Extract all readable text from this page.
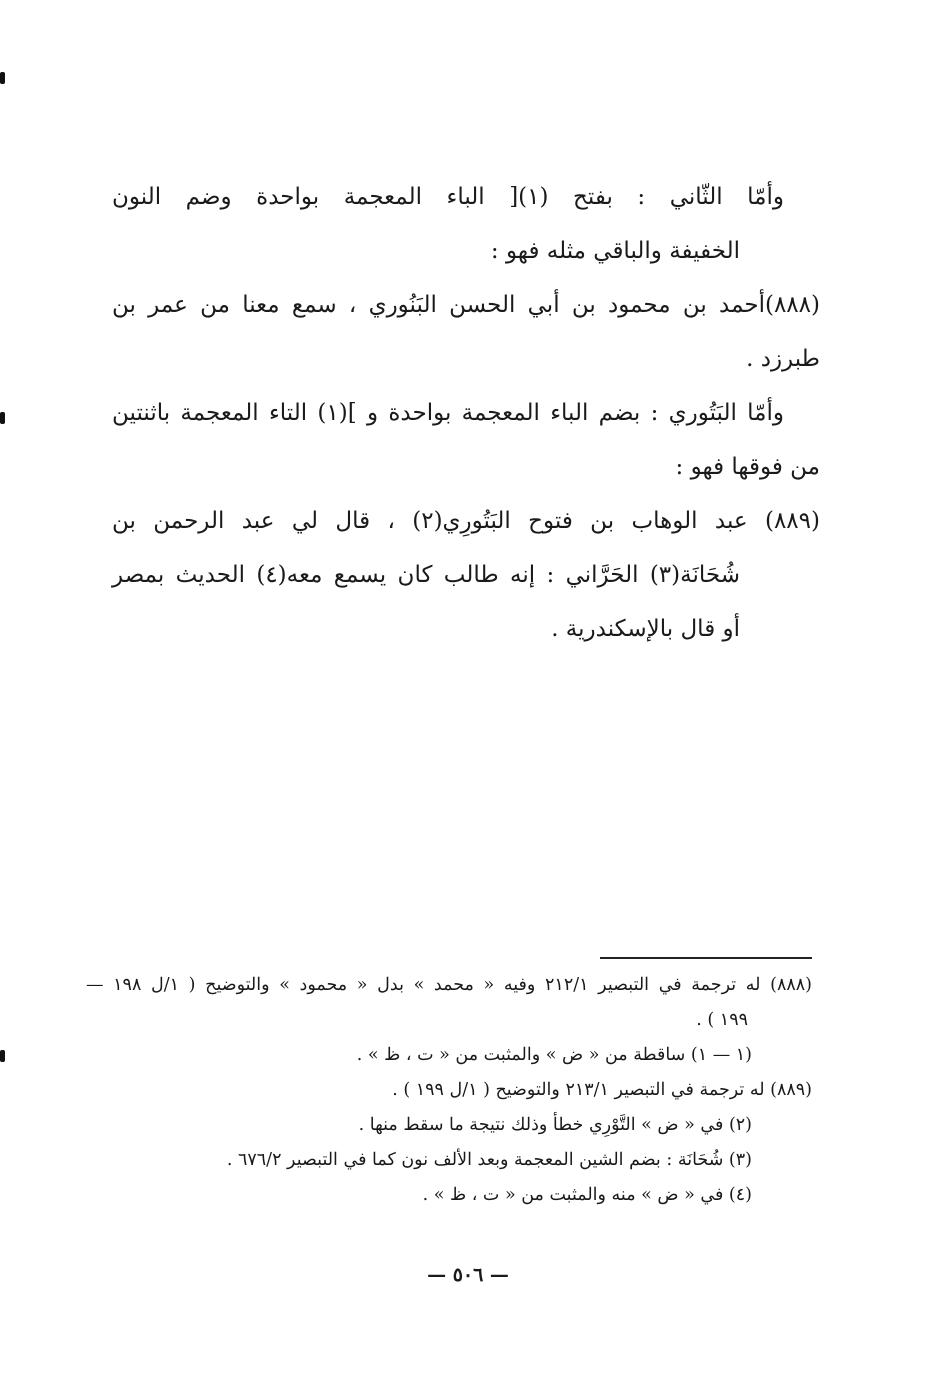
وأمّا الثّاني : بفتح (١)[ الباء المعجمة بواحدة وضم النون
الخفيفة والباقي مثله فهو :
(٨٨٨)أحمد بن محمود بن أبي الحسن البَنُوري ، سمع معنا من عمر بن
طبرزد .
وأمّا البَتُوري : بضم الباء المعجمة بواحدة و ](١) التاء المعجمة باثنتين
من فوقها فهو :
(٨٨٩) عبد الوهاب بن فتوح البَتُورِي(٢) ، قال لي عبد الرحمن بن
شُحَانَة(٣) الحَرَّاني : إنه طالب كان يسمع معه(٤) الحديث بمصر
أو قال بالإسكندرية .
(٨٨٨) له ترجمة في التبصير ٢١٢/١ وفيه « محمد » بدل « محمود » والتوضيح ( ١/ل ١٩٨ —
١٩٩ ) .
(١ — ١) ساقطة من « ض » والمثبت من « ت ، ظ » .
(٨٨٩) له ترجمة في التبصير ٢١٣/١ والتوضيح ( ١/ل ١٩٩ ) .
(٢) في « ض » التَّوْرِي خطأ وذلك نتيجة ما سقط منها .
(٣) شُحَانَة : بضم الشين المعجمة وبعد الألف نون كما في التبصير ٦٧٦/٢ .
(٤) في « ض » منه والمثبت من « ت ، ظ » .
— ٥٠٦ —
